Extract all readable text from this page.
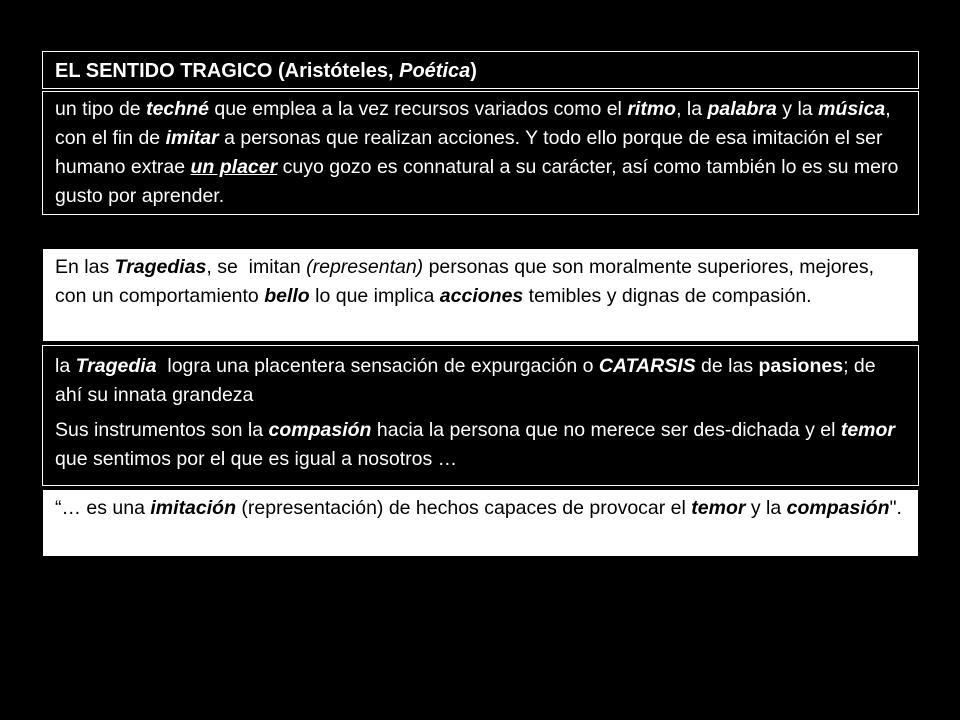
EL SENTIDO TRAGICO (Aristóteles, Poética)

un tipo de techné que emplea a la vez recursos variados como el ritmo, la palabra y la música, con el fin de imitar a personas que realizan acciones. Y todo ello porque de esa imitación el ser humano extrae un placer cuyo gozo es connatural a su carácter, así como también lo es su mero gusto por aprender.

En las Tragedias, se  imitan (representan) personas que son moralmente superiores, mejores, con un comportamiento bello lo que implica acciones temibles y dignas de compasión.

la Tragedia  logra una placentera sensación de expurgación o CATARSIS de las pasiones; de ahí su innata grandeza

Sus instrumentos son la compasión hacia la persona que no merece ser des-dichada y el temor que sentimos por el que es igual a nosotros …

“… es una imitación (representación) de hechos capaces de provocar el temor y la compasión".
